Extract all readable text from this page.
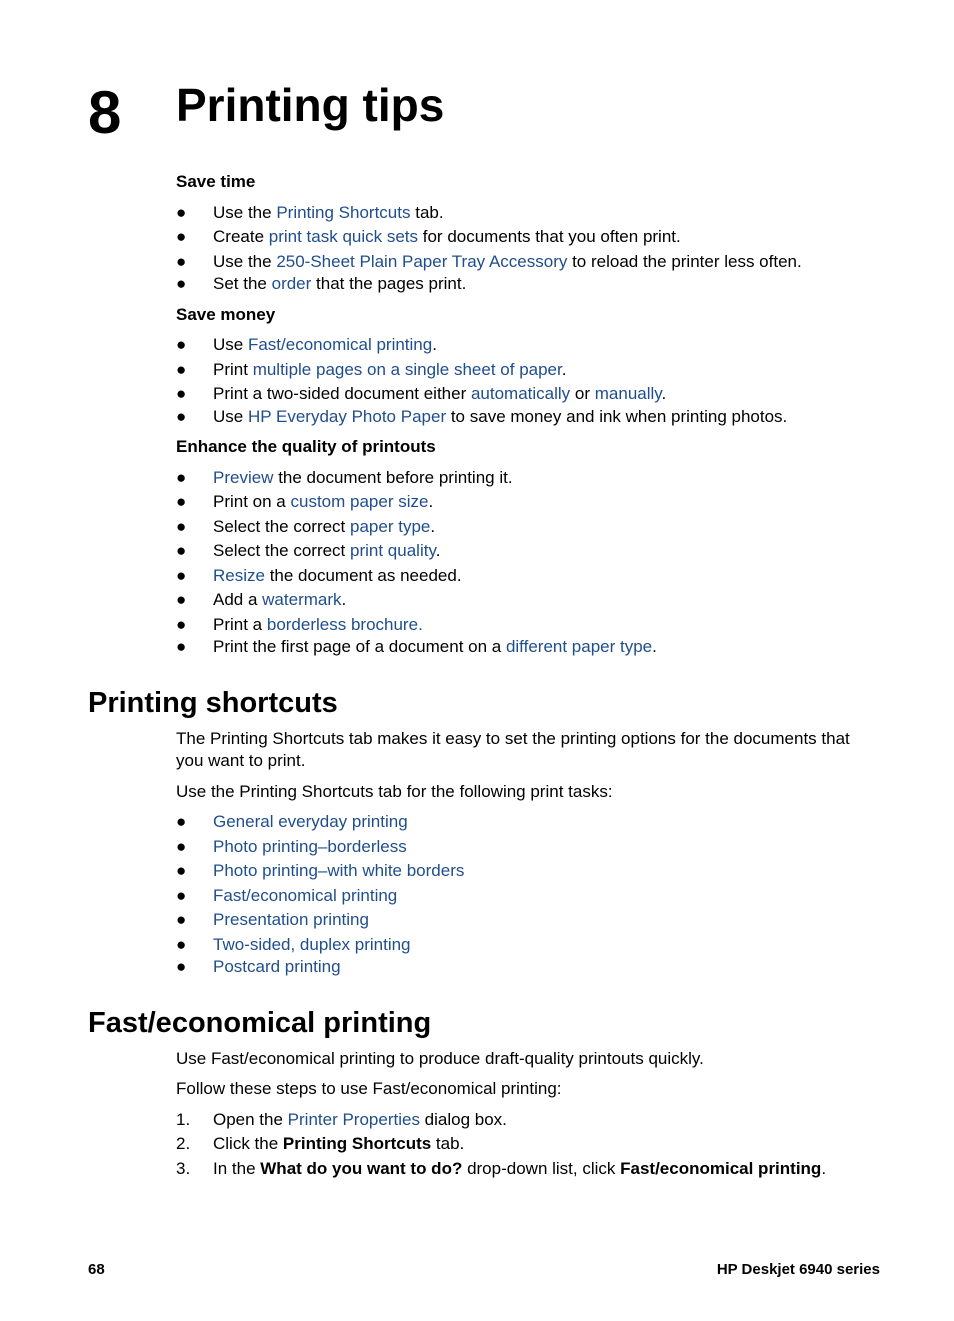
8 Printing tips
Save time
●	Use the Printing Shortcuts tab.
●	Create print task quick sets for documents that you often print.
●	Use the 250-Sheet Plain Paper Tray Accessory to reload the printer less often.
●	Set the order that the pages print.
Save money
●	Use Fast/economical printing.
●	Print multiple pages on a single sheet of paper.
●	Print a two-sided document either automatically or manually.
●	Use HP Everyday Photo Paper to save money and ink when printing photos.
Enhance the quality of printouts
●	Preview the document before printing it.
●	Print on a custom paper size.
●	Select the correct paper type.
●	Select the correct print quality.
●	Resize the document as needed.
●	Add a watermark.
●	Print a borderless brochure.
●	Print the first page of a document on a different paper type.
Printing shortcuts
The Printing Shortcuts tab makes it easy to set the printing options for the documents that you want to print.
Use the Printing Shortcuts tab for the following print tasks:
●	General everyday printing
●	Photo printing–borderless
●	Photo printing–with white borders
●	Fast/economical printing
●	Presentation printing
●	Two-sided, duplex printing
●	Postcard printing
Fast/economical printing
Use Fast/economical printing to produce draft-quality printouts quickly.
Follow these steps to use Fast/economical printing:
1.	Open the Printer Properties dialog box.
2.	Click the Printing Shortcuts tab.
3.	In the What do you want to do? drop-down list, click Fast/economical printing.
68	HP Deskjet 6940 series
